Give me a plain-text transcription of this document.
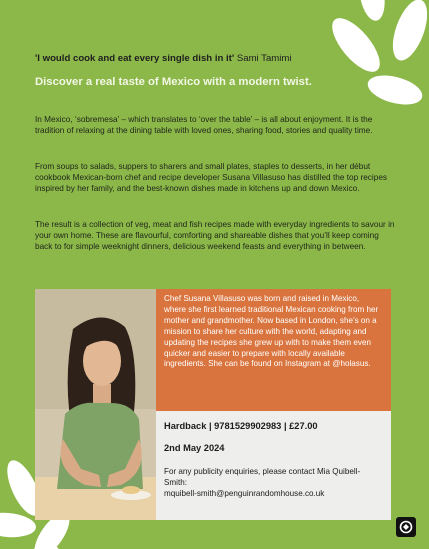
'I would cook and eat every single dish in it' Sami Tamimi
Discover a real taste of Mexico with a modern twist.

In Mexico, ‘sobremesa’ – which translates to ‘over the table’ – is all about enjoyment. It is the tradition of relaxing at the dining table with loved ones, sharing food, stories and quality time.

From soups to salads, suppers to sharers and small plates, staples to desserts, in her début cookbook Mexican-born chef and recipe developer Susana Villasuso has distilled the top recipes inspired by her family, and the best-known dishes made in kitchens up and down Mexico.

The result is a collection of veg, meat and fish recipes made with everyday ingredients to savour in your own home. These are flavourful, comforting and shareable dishes that you’ll keep coming back to for simple weeknight dinners, delicious weekend feasts and everything in between.

Chef Susana Villasuso was born and raised in Mexico, where she first learned traditional Mexican cooking from her mother and grandmother. Now based in London, she’s on a mission to share her culture with the world, adapting and updating the recipes she grew up with to make them even quicker and easier to prepare with locally available ingredients. She can be found on Instagram at @holasus.
Hardback | 9781529902983 | £27.00
2nd May 2024
For any publicity enquiries, please contact Mia Quibell-Smith:
mquibell-smith@penguinrandomhouse.co.uk
